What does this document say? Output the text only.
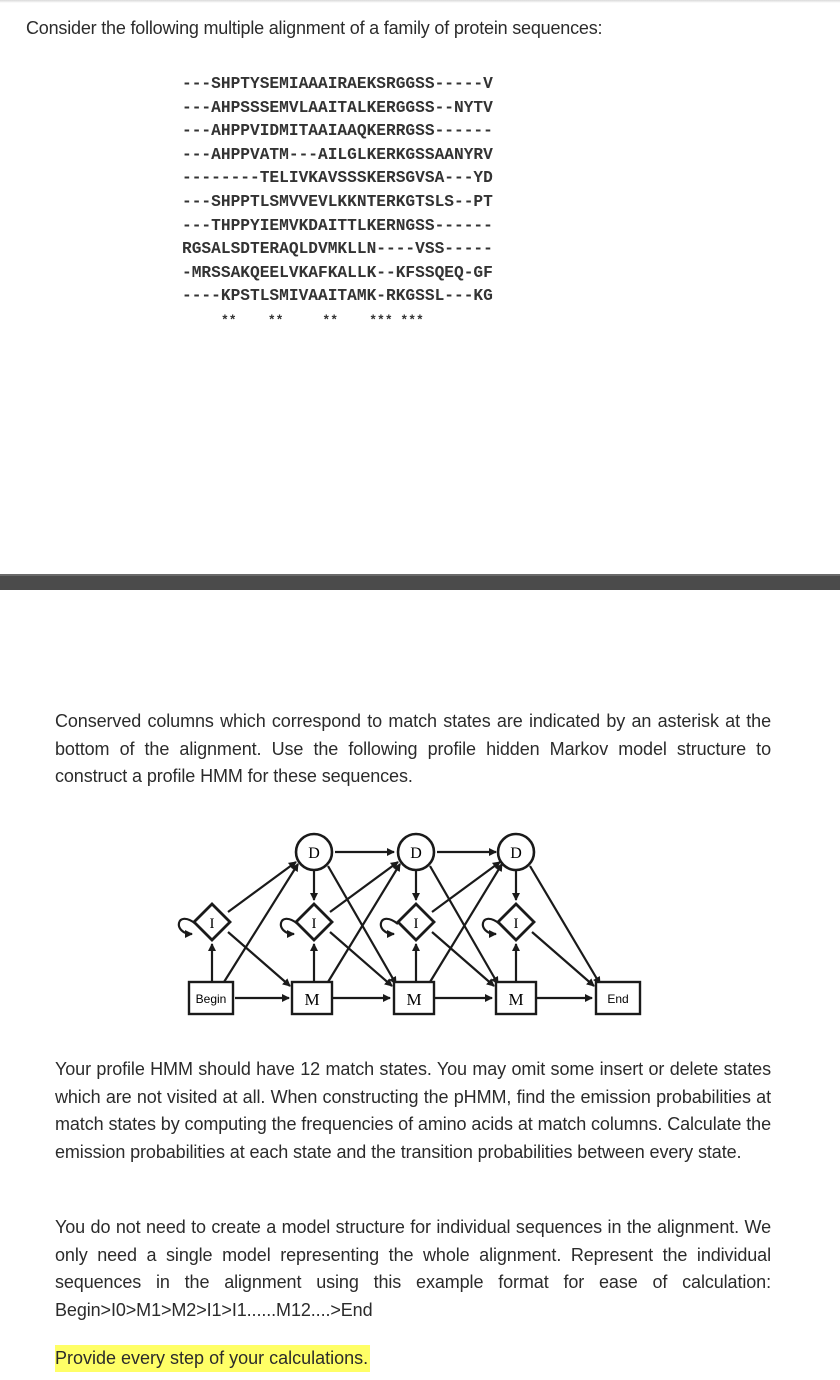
Consider the following multiple alignment of a family of protein sequences:

---SHPTYSEMIAAAIRAEKSRGGSS-----V
---AHPSSSEMVLAAITALKERGGSS--NYTV
---AHPPVIDMITAAIAAQKERRGSS------
---AHPPVATM---AILGLKERKGSSAANYRV
--------TELIVKAVSSSKERSGVSA---YD
---SHPPTLSMVVEVLKKNTERKGTSLS--PT
---THPPYIEMVKDAITTLKERNGSS------
RGSALSDTERAQLDVMKLLN----VSS-----
-MRSSAKQEELVKAFKALLK--KFSSQEQ-GF
----KPSTLSMIVAAITAMK-RKGSSL---KG
**    **     **    *** ***

Conserved columns which correspond to match states are indicated by an asterisk at the bottom of the alignment. Use the following profile hidden Markov model structure to construct a profile HMM for these sequences.

D	D	D
I	I	I	I
Begin	M	M	M	End

Your profile HMM should have 12 match states. You may omit some insert or delete states which are not visited at all. When constructing the pHMM, find the emission probabilities at match states by computing the frequencies of amino acids at match columns. Calculate the emission probabilities at each state and the transition probabilities between every state.

You do not need to create a model structure for individual sequences in the alignment. We only need a single model representing the whole alignment. Represent the individual sequences in the alignment using this example format for ease of calculation: Begin>I0>M1>M2>I1>I1......M12....>End

Provide every step of your calculations.
